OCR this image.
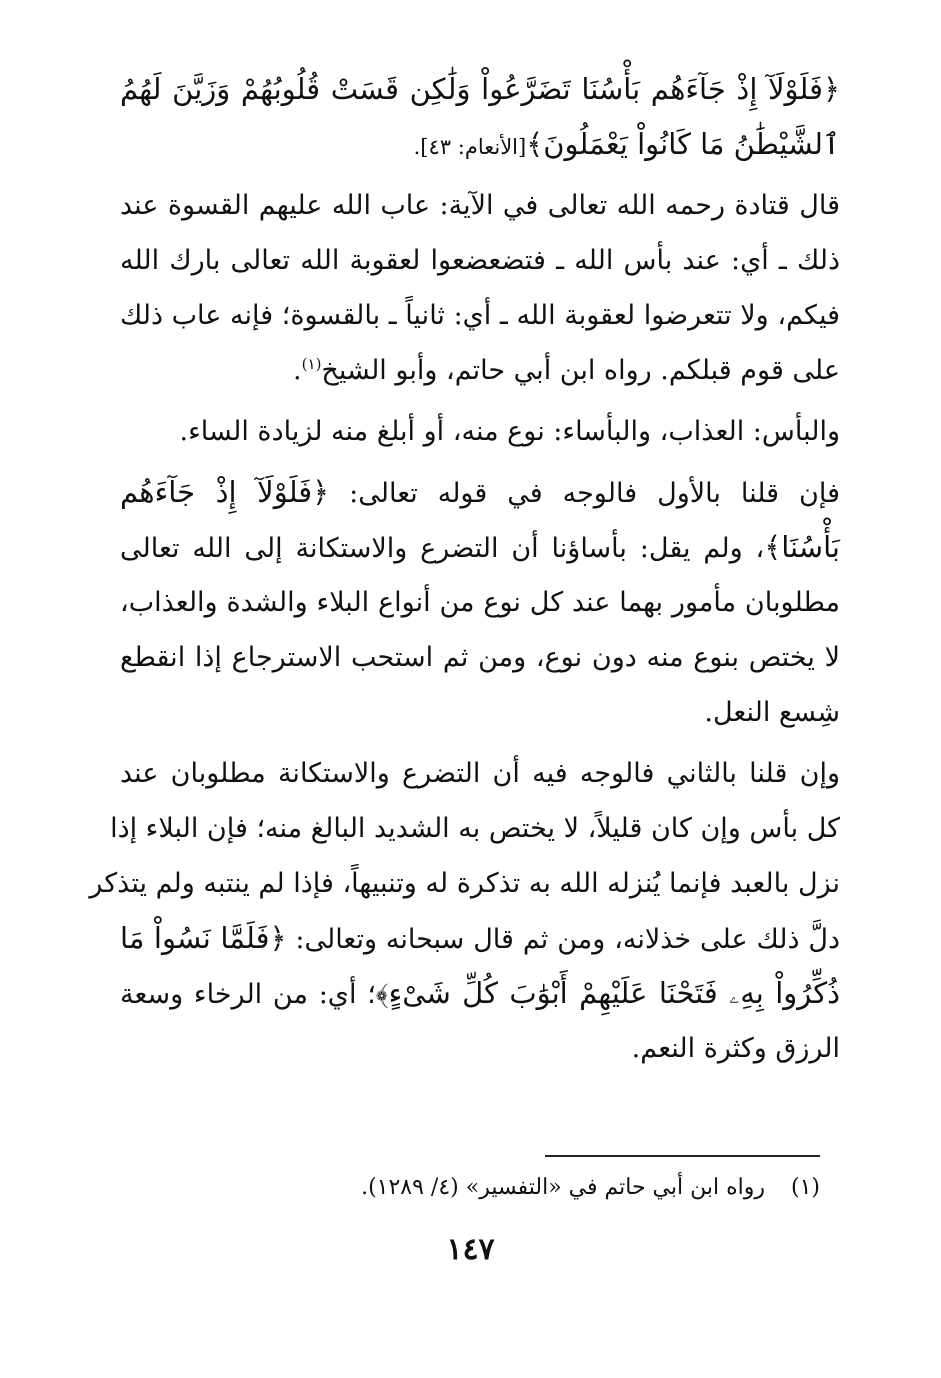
﴿فَلَوْلَآ إِذْ جَآءَهُم بَأْسُنَا تَضَرَّعُواْ وَلَٰكِن قَسَتْ قُلُوبُهُمْ وَزَيَّنَ لَهُمُ
ٱلشَّيْطَٰنُ مَا كَانُواْ يَعْمَلُونَ﴾[الأنعام: ٤٣].
قال قتادة رحمه الله تعالى في الآية: عاب الله عليهم القسوة عند
ذلك ـ أي: عند بأس الله ـ فتضعضعوا لعقوبة الله تعالى بارك الله
فيكم، ولا تتعرضوا لعقوبة الله ـ أي: ثانياً ـ بالقسوة؛ فإنه عاب ذلك
على قوم قبلكم. رواه ابن أبي حاتم، وأبو الشيخ$^{(١)}$.
والبأس: العذاب، والبأساء: نوع منه، أو أبلغ منه لزيادة الساء.
فإن قلنا بالأول فالوجه في قوله تعالى: ﴿فَلَوْلَآ إِذْ جَآءَهُم
بَأْسُنَا﴾، ولم يقل: بأساؤنا أن التضرع والاستكانة إلى الله تعالى
مطلوبان مأمور بهما عند كل نوع من أنواع البلاء والشدة والعذاب،
لا يختص بنوع منه دون نوع، ومن ثم استحب الاسترجاع إذا انقطع
شِسع النعل.
وإن قلنا بالثاني فالوجه فيه أن التضرع والاستكانة مطلوبان عند
كل بأس وإن كان قليلاً، لا يختص به الشديد البالغ منه؛ فإن البلاء إذا
نزل بالعبد فإنما يُنزله الله به تذكرة له وتنبيهاً، فإذا لم ينتبه ولم يتذكر
دلَّ ذلك على خذلانه، ومن ثم قال سبحانه وتعالى: ﴿فَلَمَّا نَسُواْ مَا
ذُكِّرُواْ بِهِۦ فَتَحْنَا عَلَيْهِمْ أَبْوَٰبَ كُلِّ شَىْءٍ﴾؛ أي: من الرخاء وسعة
الرزق وكثرة النعم.
(١)رواه ابن أبي حاتم في «التفسير» (٤/ ١٢٨٩).
١٤٧
